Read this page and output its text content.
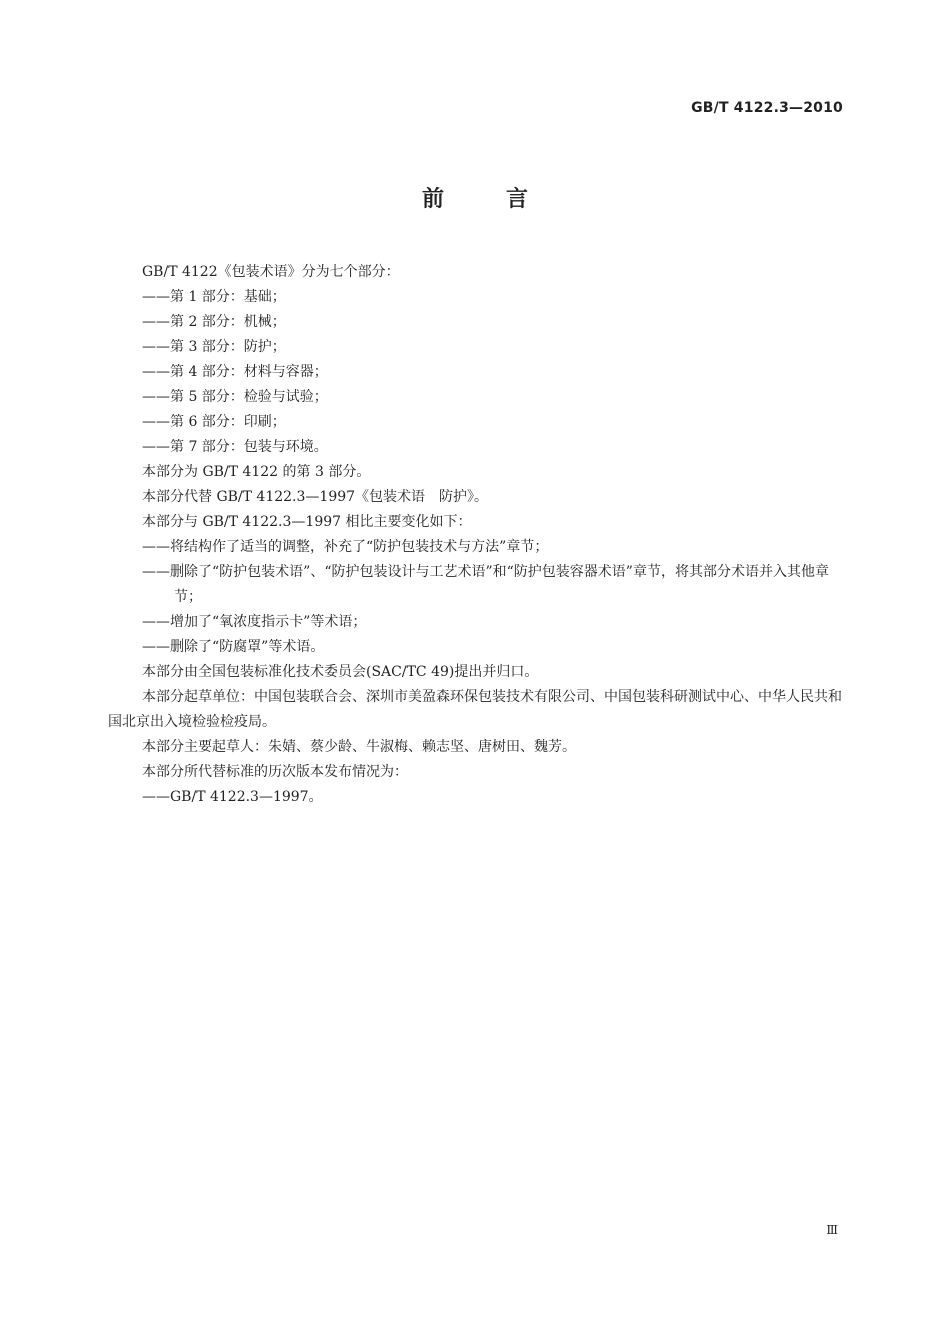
GB/T 4122.3—2010
前言

GB/T 4122《包装术语》分为七个部分：

——第 1 部分：基础；

——第 2 部分：机械；

——第 3 部分：防护；

——第 4 部分：材料与容器；

——第 5 部分：检验与试验；

——第 6 部分：印刷；

——第 7 部分：包装与环境。

本部分为 GB/T 4122 的第 3 部分。

本部分代替 GB/T 4122.3—1997《包装术语　防护》。

本部分与 GB/T 4122.3—1997 相比主要变化如下：

——将结构作了适当的调整，补充了“防护包装技术与方法”章节；

——删除了“防护包装术语”、“防护包装设计与工艺术语”和“防护包装容器术语”章节，将其部分术语并入其他章节；

——增加了“氧浓度指示卡”等术语；

——删除了“防腐罩”等术语。

本部分由全国包装标准化技术委员会(SAC/TC 49)提出并归口。

本部分起草单位：中国包装联合会、深圳市美盈森环保包装技术有限公司、中国包装科研测试中心、中华人民共和国北京出入境检验检疫局。

本部分主要起草人：朱婧、蔡少龄、牛淑梅、赖志坚、唐树田、魏芳。

本部分所代替标准的历次版本发布情况为：

——GB/T 4122.3—1997。

Ⅲ
